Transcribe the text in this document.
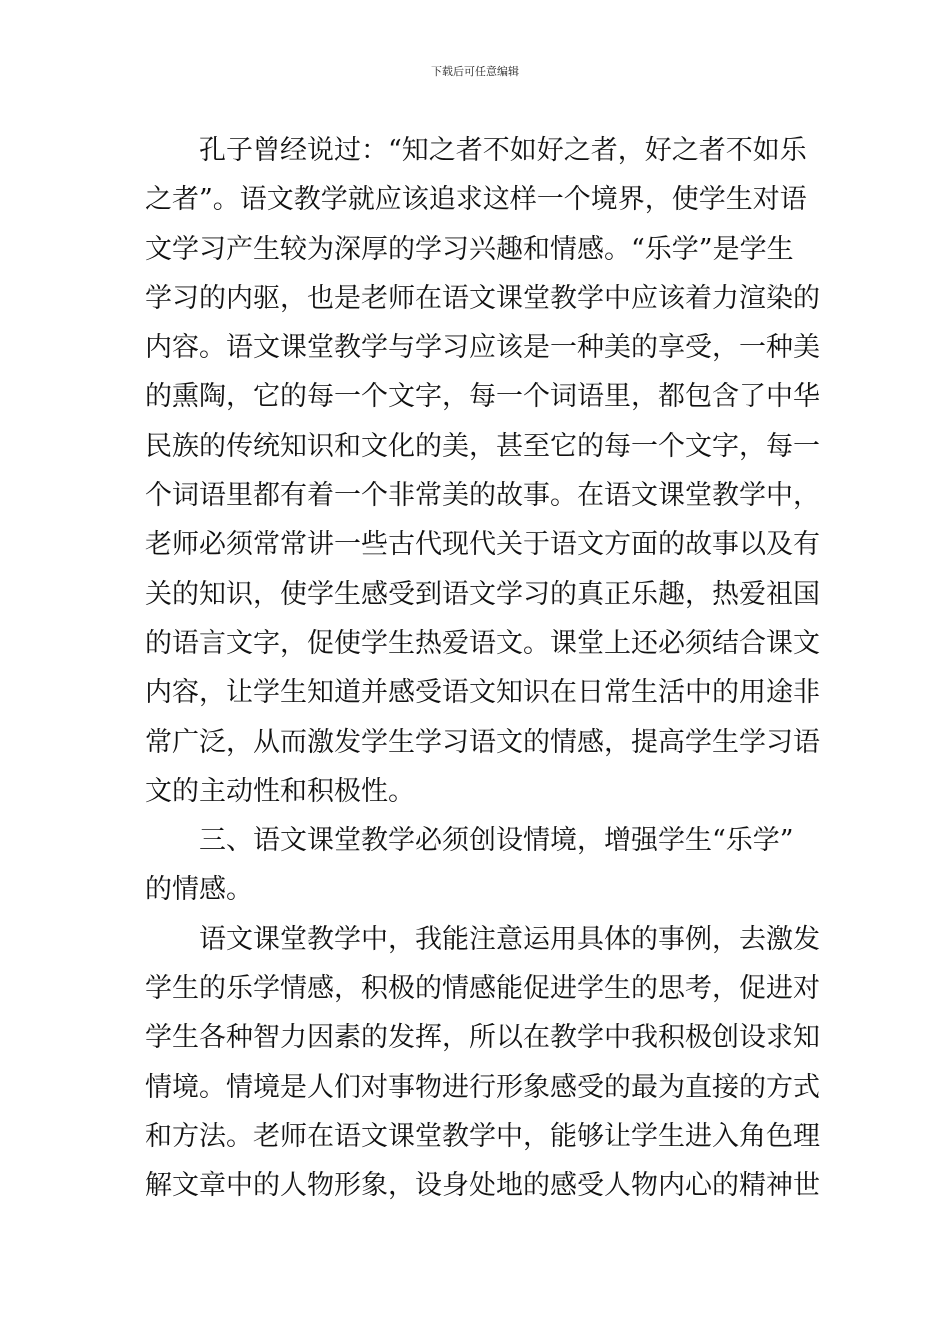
下载后可任意编辑

孔子曾经说过：“知之者不如好之者，好之者不如乐
之者”。语文教学就应该追求这样一个境界，使学生对语
文学习产生较为深厚的学习兴趣和情感。“乐学”是学生
学习的内驱，也是老师在语文课堂教学中应该着力渲染的
内容。语文课堂教学与学习应该是一种美的享受，一种美
的熏陶，它的每一个文字，每一个词语里，都包含了中华
民族的传统知识和文化的美，甚至它的每一个文字，每一
个词语里都有着一个非常美的故事。在语文课堂教学中，
老师必须常常讲一些古代现代关于语文方面的故事以及有
关的知识，使学生感受到语文学习的真正乐趣，热爱祖国
的语言文字，促使学生热爱语文。课堂上还必须结合课文
内容，让学生知道并感受语文知识在日常生活中的用途非
常广泛，从而激发学生学习语文的情感，提高学生学习语
文的主动性和积极性。

三、语文课堂教学必须创设情境，增强学生“乐学”
的情感。

语文课堂教学中，我能注意运用具体的事例，去激发
学生的乐学情感，积极的情感能促进学生的思考，促进对
学生各种智力因素的发挥，所以在教学中我积极创设求知
情境。情境是人们对事物进行形象感受的最为直接的方式
和方法。老师在语文课堂教学中，能够让学生进入角色理
解文章中的人物形象，设身处地的感受人物内心的精神世
